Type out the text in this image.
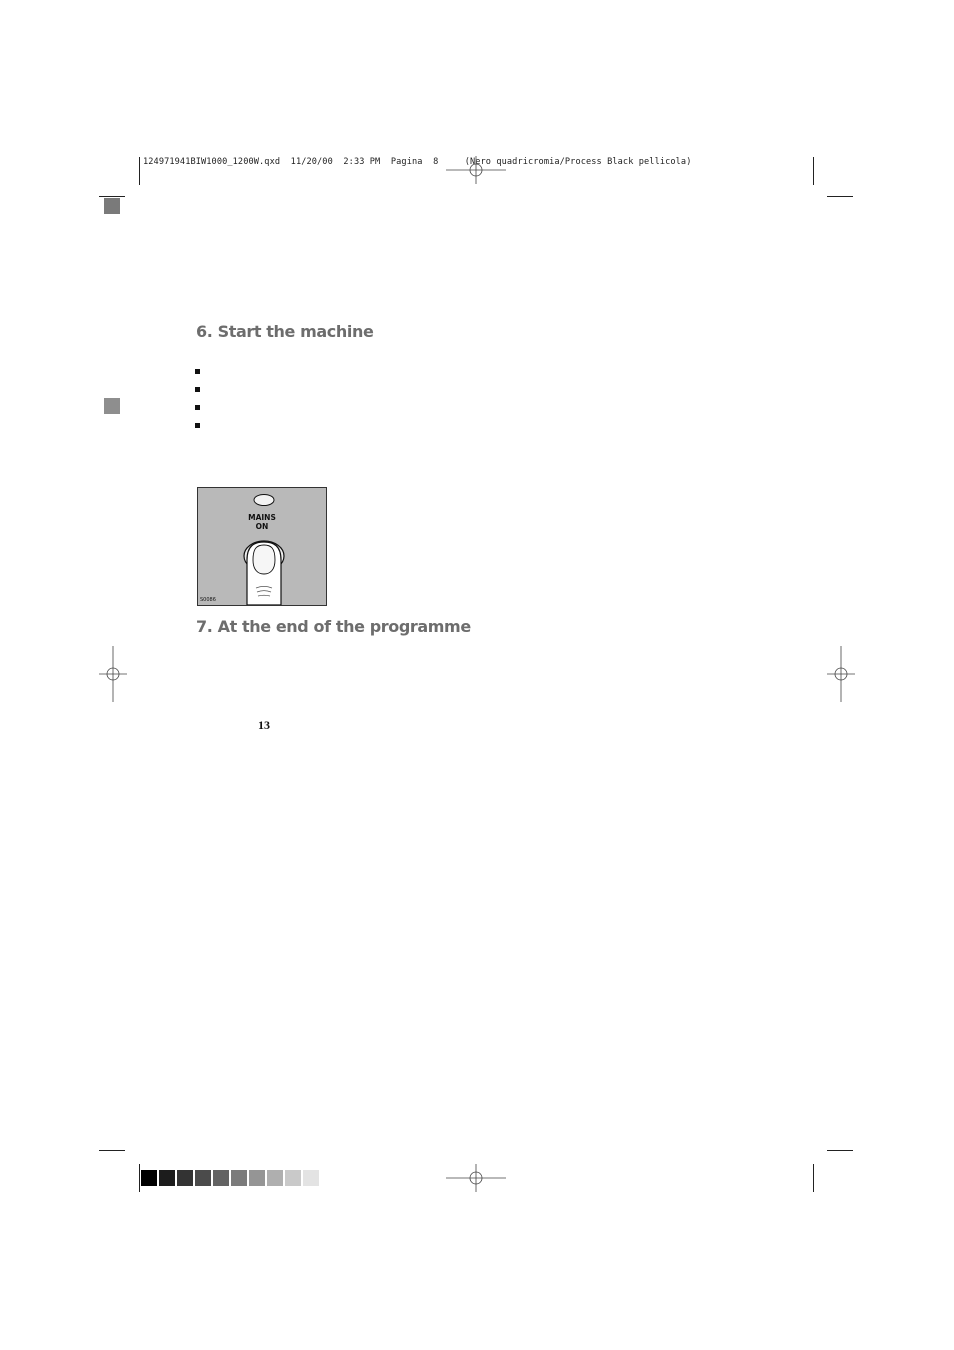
124971941BIW1000_1200W.qxd  11/20/00  2:33 PM  Pagina  8     (Nero quadricromia/Process Black pellicola)
6. Start the machine
MAINS
ON
S0086
7. At the end of the programme
13
